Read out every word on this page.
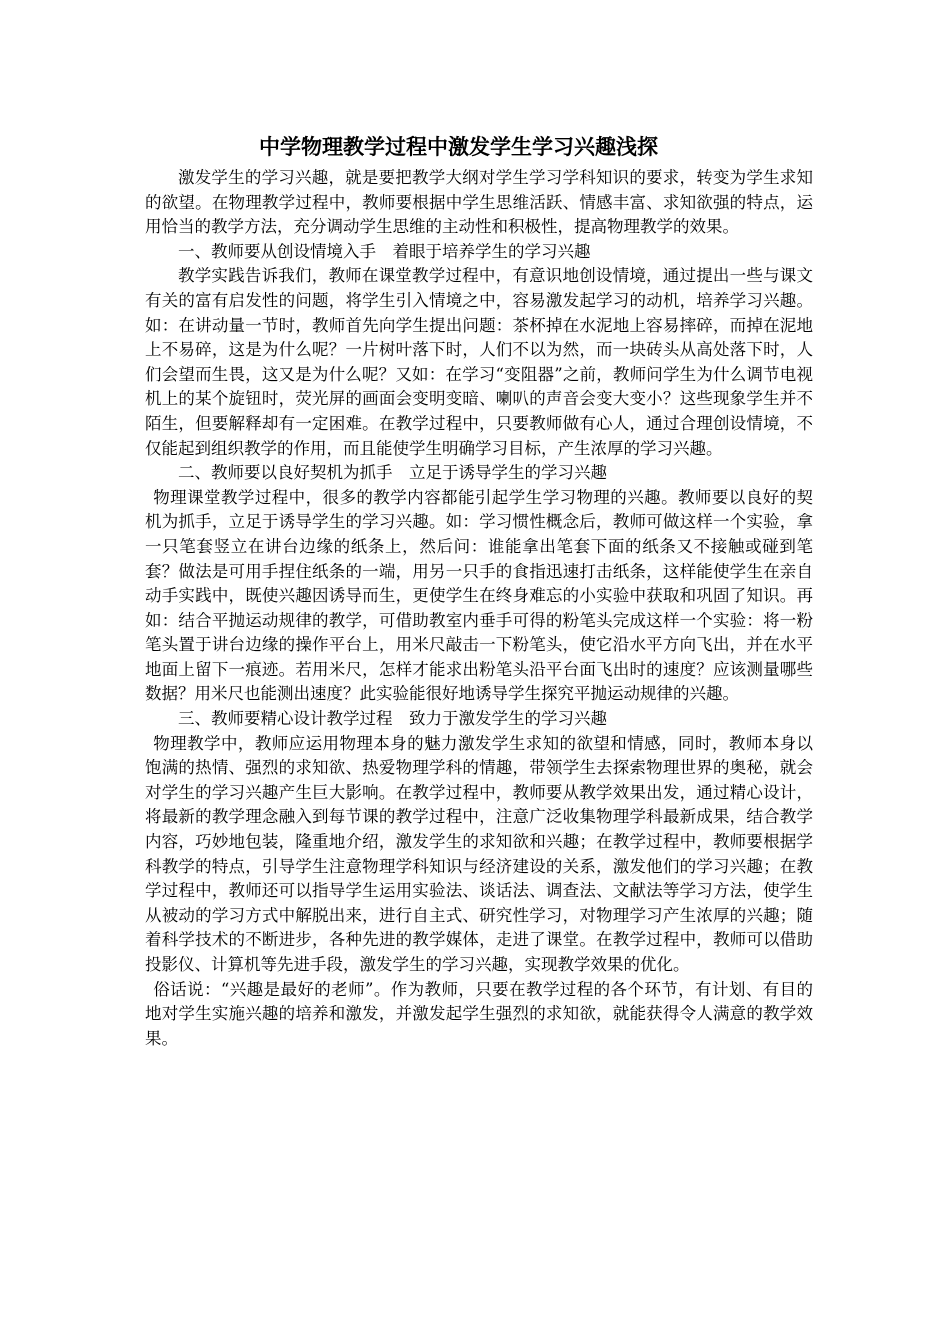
中学物理教学过程中激发学生学习兴趣浅探

激发学生的学习兴趣，就是要把教学大纲对学生学习学科知识的要求，转变为学生求知的欲望。在物理教学过程中，教师要根据中学生思维活跃、情感丰富、求知欲强的特点，运用恰当的教学方法，充分调动学生思维的主动性和积极性，提高物理教学的效果。

一、教师要从创设情境入手　着眼于培养学生的学习兴趣

教学实践告诉我们，教师在课堂教学过程中，有意识地创设情境，通过提出一些与课文有关的富有启发性的问题，将学生引入情境之中，容易激发起学习的动机，培养学习兴趣。如：在讲动量一节时，教师首先向学生提出问题：茶杯掉在水泥地上容易摔碎，而掉在泥地上不易碎，这是为什么呢？一片树叶落下时，人们不以为然，而一块砖头从高处落下时，人们会望而生畏，这又是为什么呢？又如：在学习“变阻器”之前，教师问学生为什么调节电视机上的某个旋钮时，荧光屏的画面会变明变暗、喇叭的声音会变大变小？这些现象学生并不陌生，但要解释却有一定困难。在教学过程中，只要教师做有心人，通过合理创设情境，不仅能起到组织教学的作用，而且能使学生明确学习目标，产生浓厚的学习兴趣。

二、教师要以良好契机为抓手　立足于诱导学生的学习兴趣

物理课堂教学过程中，很多的教学内容都能引起学生学习物理的兴趣。教师要以良好的契机为抓手，立足于诱导学生的学习兴趣。如：学习惯性概念后，教师可做这样一个实验，拿一只笔套竖立在讲台边缘的纸条上，然后问：谁能拿出笔套下面的纸条又不接触或碰到笔套？做法是可用手捏住纸条的一端，用另一只手的食指迅速打击纸条，这样能使学生在亲自动手实践中，既使兴趣因诱导而生，更使学生在终身难忘的小实验中获取和巩固了知识。再如：结合平抛运动规律的教学，可借助教室内垂手可得的粉笔头完成这样一个实验：将一粉笔头置于讲台边缘的操作平台上，用米尺敲击一下粉笔头，使它沿水平方向飞出，并在水平地面上留下一痕迹。若用米尺，怎样才能求出粉笔头沿平台面飞出时的速度？应该测量哪些数据？用米尺也能测出速度？此实验能很好地诱导学生探究平抛运动规律的兴趣。

三、教师要精心设计教学过程　致力于激发学生的学习兴趣

物理教学中，教师应运用物理本身的魅力激发学生求知的欲望和情感，同时，教师本身以饱满的热情、强烈的求知欲、热爱物理学科的情趣，带领学生去探索物理世界的奥秘，就会对学生的学习兴趣产生巨大影响。在教学过程中，教师要从教学效果出发，通过精心设计，将最新的教学理念融入到每节课的教学过程中，注意广泛收集物理学科最新成果，结合教学内容，巧妙地包装，隆重地介绍，激发学生的求知欲和兴趣；在教学过程中，教师要根据学科教学的特点，引导学生注意物理学科知识与经济建设的关系，激发他们的学习兴趣；在教学过程中，教师还可以指导学生运用实验法、谈话法、调查法、文献法等学习方法，使学生从被动的学习方式中解脱出来，进行自主式、研究性学习，对物理学习产生浓厚的兴趣；随着科学技术的不断进步，各种先进的教学媒体，走进了课堂。在教学过程中，教师可以借助投影仪、计算机等先进手段，激发学生的学习兴趣，实现教学效果的优化。

俗话说：“兴趣是最好的老师”。作为教师，只要在教学过程的各个环节，有计划、有目的地对学生实施兴趣的培养和激发，并激发起学生强烈的求知欲，就能获得令人满意的教学效果。
